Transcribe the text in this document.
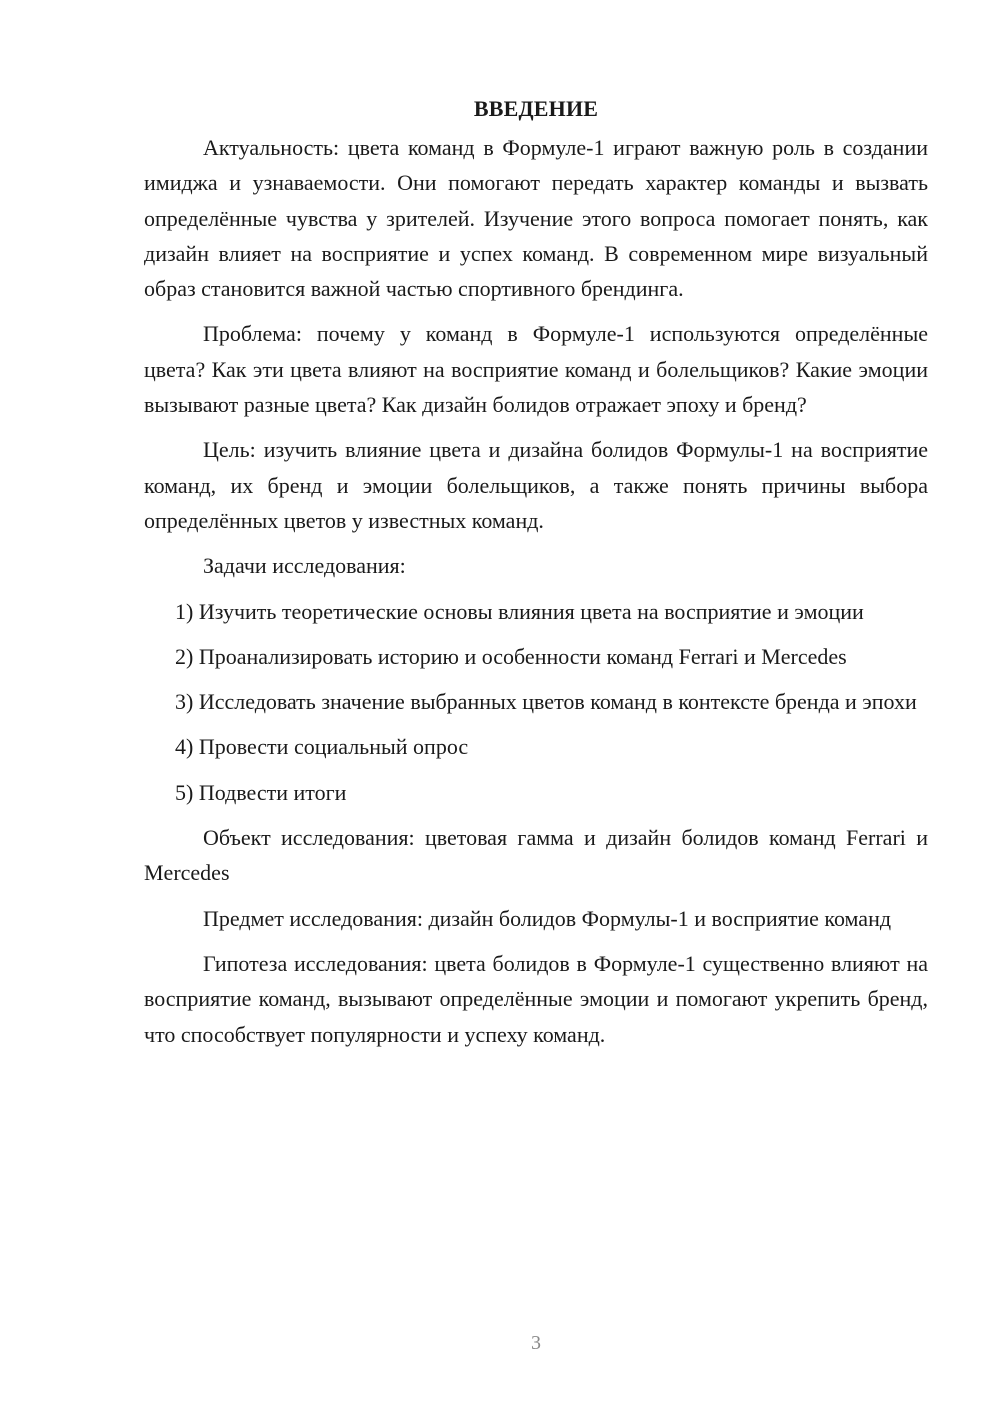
ВВЕДЕНИЕ

Актуальность: цвета команд в Формуле-1 играют важную роль в создании имиджа и узнаваемости. Они помогают передать характер команды и вызвать определённые чувства у зрителей. Изучение этого вопроса помогает понять, как дизайн влияет на восприятие и успех команд. В современном мире визуальный образ становится важной частью спортивного брендинга.

Проблема: почему у команд в Формуле-1 используются определённые цвета? Как эти цвета влияют на восприятие команд и болельщиков? Какие эмоции вызывают разные цвета? Как дизайн болидов отражает эпоху и бренд?

Цель: изучить влияние цвета и дизайна болидов Формулы-1 на восприятие команд, их бренд и эмоции болельщиков, а также понять причины выбора определённых цветов у известных команд.

Задачи исследования:

1) Изучить теоретические основы влияния цвета на восприятие и эмоции

2) Проанализировать историю и особенности команд Ferrari и Mercedes

3) Исследовать значение выбранных цветов команд в контексте бренда и эпохи

4) Провести социальный опрос

5) Подвести итоги

Объект исследования: цветовая гамма и дизайн болидов команд Ferrari и Mercedes

Предмет исследования: дизайн болидов Формулы-1 и восприятие команд

Гипотеза исследования: цвета болидов в Формуле-1 существенно влияют на восприятие команд, вызывают определённые эмоции и помогают укрепить бренд, что способствует популярности и успеху команд.

3
